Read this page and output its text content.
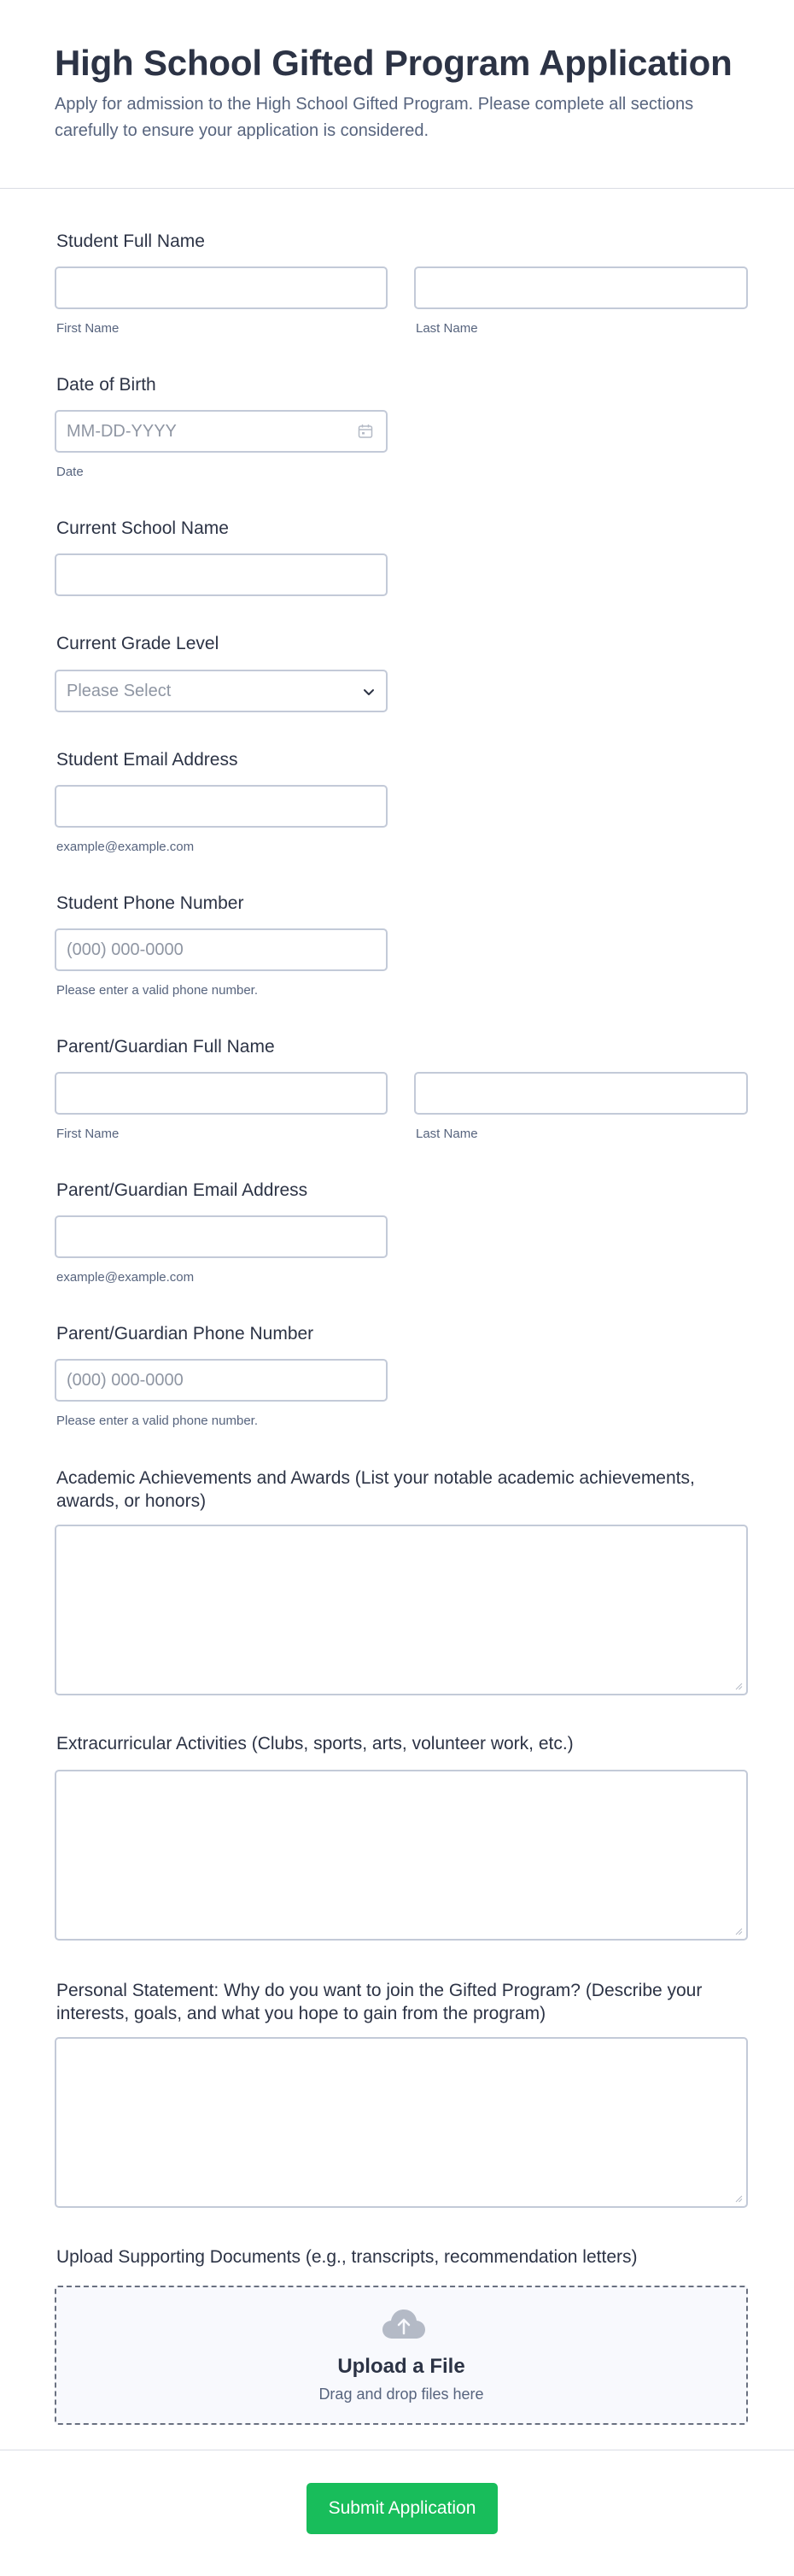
High School Gifted Program Application

Apply for admission to the High School Gifted Program. Please complete all sections carefully to ensure your application is considered.

Student Full Name
First Name	Last Name
Date of Birth
MM-DD-YYYY
Date
Current School Name
Current Grade Level
Please Select
Student Email Address
example@example.com
Student Phone Number
(000) 000-0000
Please enter a valid phone number.
Parent/Guardian Full Name
First Name	Last Name
Parent/Guardian Email Address
example@example.com
Parent/Guardian Phone Number
(000) 000-0000
Please enter a valid phone number.
Academic Achievements and Awards (List your notable academic achievements, awards, or honors)
Extracurricular Activities (Clubs, sports, arts, volunteer work, etc.)
Personal Statement: Why do you want to join the Gifted Program? (Describe your interests, goals, and what you hope to gain from the program)
Upload Supporting Documents (e.g., transcripts, recommendation letters)
Upload a File
Drag and drop files here
Submit Application
